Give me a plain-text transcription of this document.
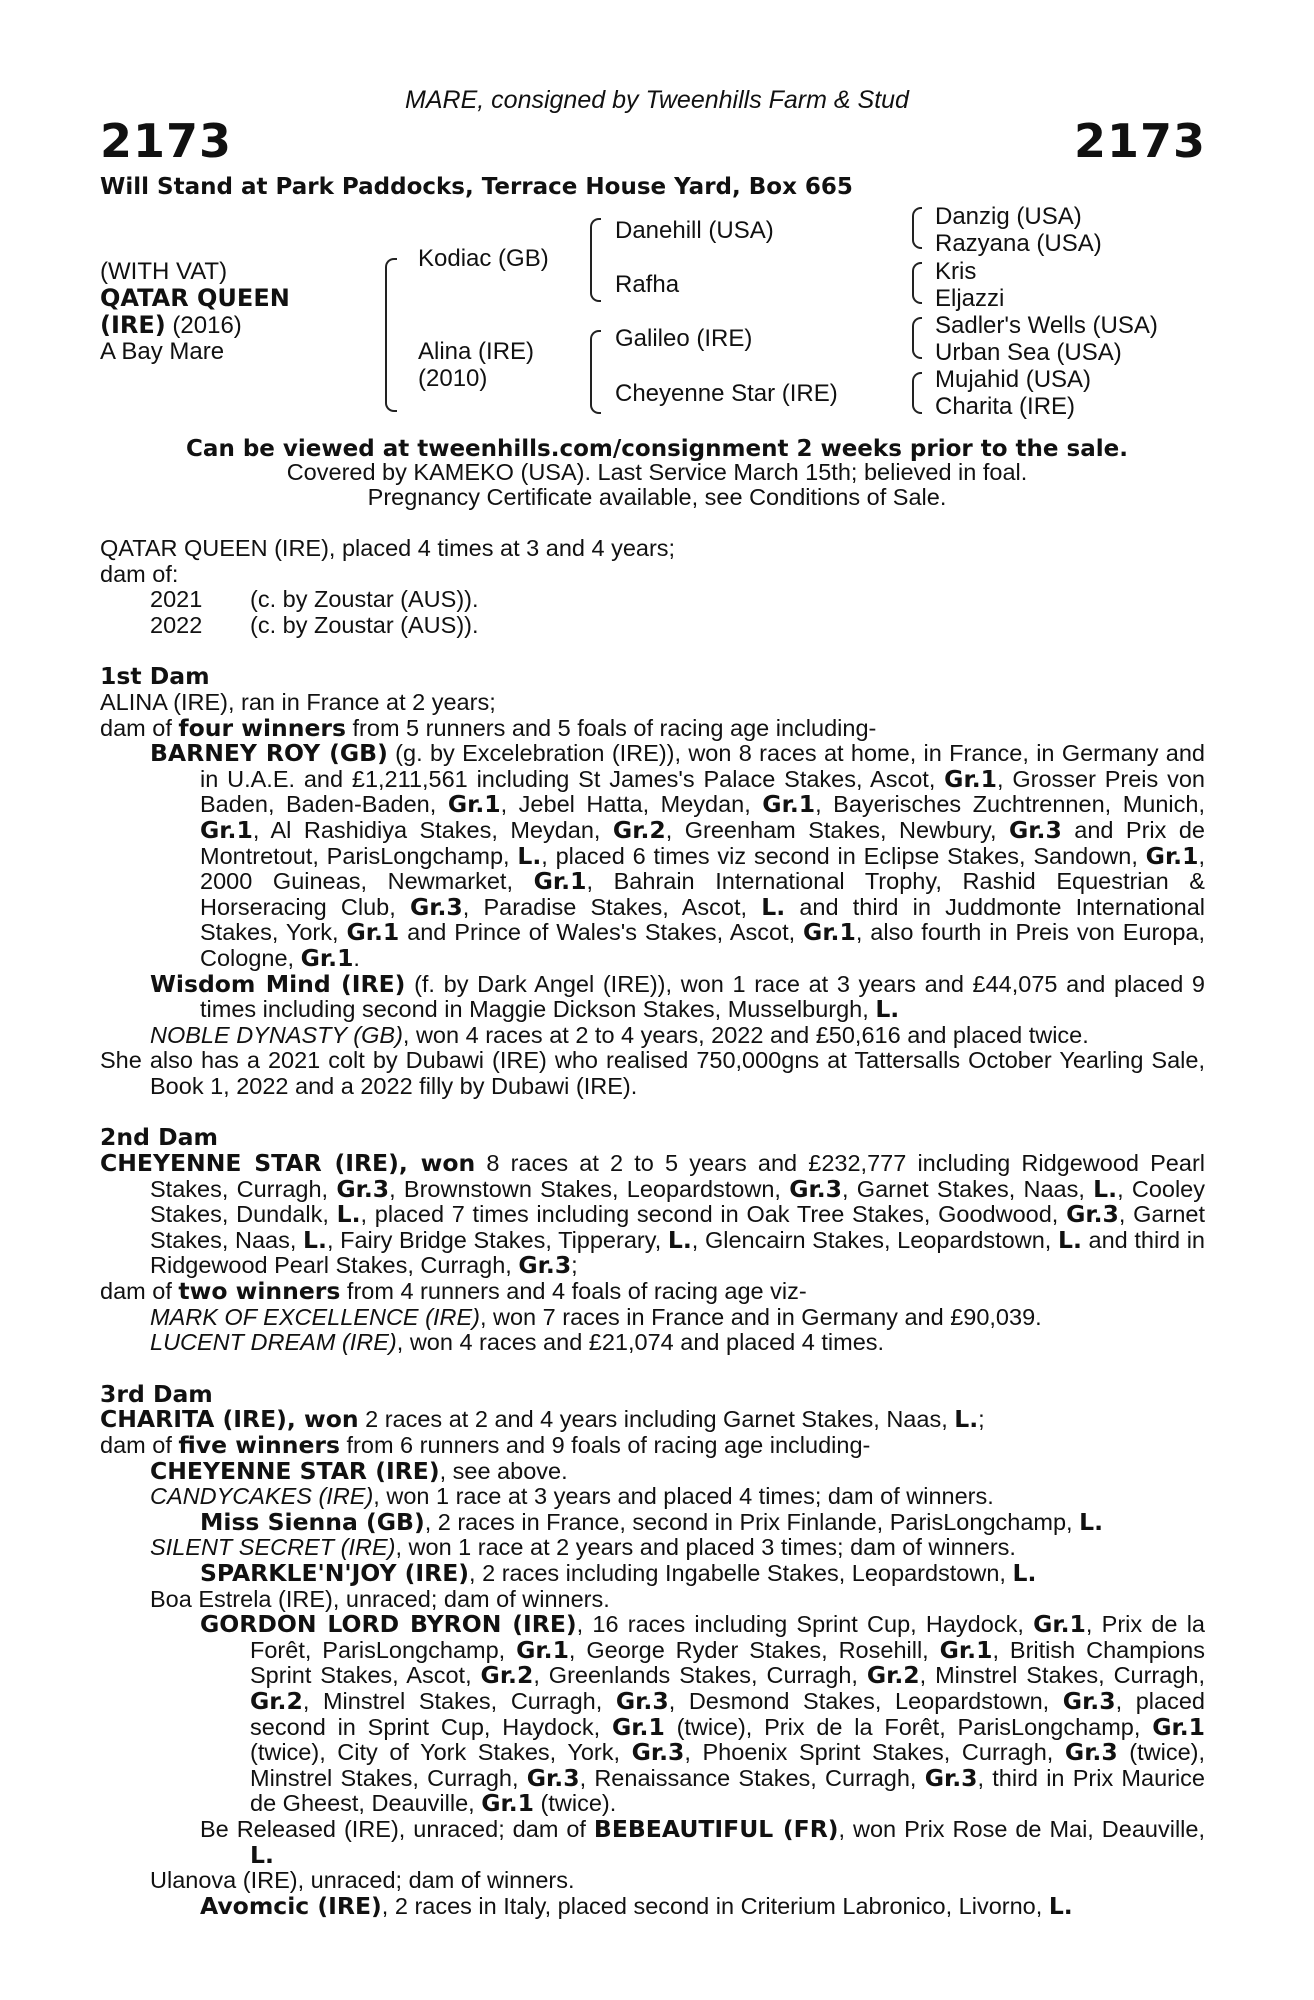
MARE, consigned by Tweenhills Farm & Stud
2173	2173
Will Stand at Park Paddocks, Terrace House Yard, Box 665
(WITH VAT)
QATAR QUEEN
(IRE) (2016)
A Bay Mare
Kodiac (GB)
Alina (IRE)
(2010)
Danehill (USA)
Rafha
Galileo (IRE)
Cheyenne Star (IRE)
Danzig (USA)
Razyana (USA)
Kris
Eljazzi
Sadler's Wells (USA)
Urban Sea (USA)
Mujahid (USA)
Charita (IRE)
Can be viewed at tweenhills.com/consignment 2 weeks prior to the sale.
Covered by KAMEKO (USA). Last Service March 15th; believed in foal.
Pregnancy Certificate available, see Conditions of Sale.

QATAR QUEEN (IRE), placed 4 times at 3 and 4 years;

dam of:

2021 (c. by Zoustar (AUS)).

2022 (c. by Zoustar (AUS)).

1st Dam

ALINA (IRE), ran in France at 2 years;

dam of four winners from 5 runners and 5 foals of racing age including-

BARNEY ROY (GB) (g. by Excelebration (IRE)), won 8 races at home, in France, in Germany and in U.A.E. and £1,211,561 including St James's Palace Stakes, Ascot, Gr.1, Grosser Preis von Baden, Baden-Baden, Gr.1, Jebel Hatta, Meydan, Gr.1, Bayerisches Zuchtrennen, Munich, Gr.1, Al Rashidiya Stakes, Meydan, Gr.2, Greenham Stakes, Newbury, Gr.3 and Prix de Montretout, ParisLongchamp, L., placed 6 times viz second in Eclipse Stakes, Sandown, Gr.1, 2000 Guineas, Newmarket, Gr.1, Bahrain International Trophy, Rashid Equestrian & Horseracing Club, Gr.3, Paradise Stakes, Ascot, L. and third in Juddmonte International Stakes, York, Gr.1 and Prince of Wales's Stakes, Ascot, Gr.1, also fourth in Preis von Europa, Cologne, Gr.1.

Wisdom Mind (IRE) (f. by Dark Angel (IRE)), won 1 race at 3 years and £44,075 and placed 9 times including second in Maggie Dickson Stakes, Musselburgh, L.

NOBLE DYNASTY (GB), won 4 races at 2 to 4 years, 2022 and £50,616 and placed twice.

She also has a 2021 colt by Dubawi (IRE) who realised 750,000gns at Tattersalls October Yearling Sale, Book 1, 2022 and a 2022 filly by Dubawi (IRE).

2nd Dam

CHEYENNE STAR (IRE), won 8 races at 2 to 5 years and £232,777 including Ridgewood Pearl Stakes, Curragh, Gr.3, Brownstown Stakes, Leopardstown, Gr.3, Garnet Stakes, Naas, L., Cooley Stakes, Dundalk, L., placed 7 times including second in Oak Tree Stakes, Goodwood, Gr.3, Garnet Stakes, Naas, L., Fairy Bridge Stakes, Tipperary, L., Glencairn Stakes, Leopardstown, L. and third in Ridgewood Pearl Stakes, Curragh, Gr.3;

dam of two winners from 4 runners and 4 foals of racing age viz-

MARK OF EXCELLENCE (IRE), won 7 races in France and in Germany and £90,039.

LUCENT DREAM (IRE), won 4 races and £21,074 and placed 4 times.

3rd Dam

CHARITA (IRE), won 2 races at 2 and 4 years including Garnet Stakes, Naas, L.;

dam of five winners from 6 runners and 9 foals of racing age including-

CHEYENNE STAR (IRE), see above.

CANDYCAKES (IRE), won 1 race at 3 years and placed 4 times; dam of winners.

Miss Sienna (GB), 2 races in France, second in Prix Finlande, ParisLongchamp, L.

SILENT SECRET (IRE), won 1 race at 2 years and placed 3 times; dam of winners.

SPARKLE'N'JOY (IRE), 2 races including Ingabelle Stakes, Leopardstown, L.

Boa Estrela (IRE), unraced; dam of winners.

GORDON LORD BYRON (IRE), 16 races including Sprint Cup, Haydock, Gr.1, Prix de la Forêt, ParisLongchamp, Gr.1, George Ryder Stakes, Rosehill, Gr.1, British Champions Sprint Stakes, Ascot, Gr.2, Greenlands Stakes, Curragh, Gr.2, Minstrel Stakes, Curragh, Gr.2, Minstrel Stakes, Curragh, Gr.3, Desmond Stakes, Leopardstown, Gr.3, placed second in Sprint Cup, Haydock, Gr.1 (twice), Prix de la Forêt, ParisLongchamp, Gr.1 (twice), City of York Stakes, York, Gr.3, Phoenix Sprint Stakes, Curragh, Gr.3 (twice), Minstrel Stakes, Curragh, Gr.3, Renaissance Stakes, Curragh, Gr.3, third in Prix Maurice de Gheest, Deauville, Gr.1 (twice).

Be Released (IRE), unraced; dam of BEBEAUTIFUL (FR), won Prix Rose de Mai, Deauville, L.

Ulanova (IRE), unraced; dam of winners.

Avomcic (IRE), 2 races in Italy, placed second in Criterium Labronico, Livorno, L.
